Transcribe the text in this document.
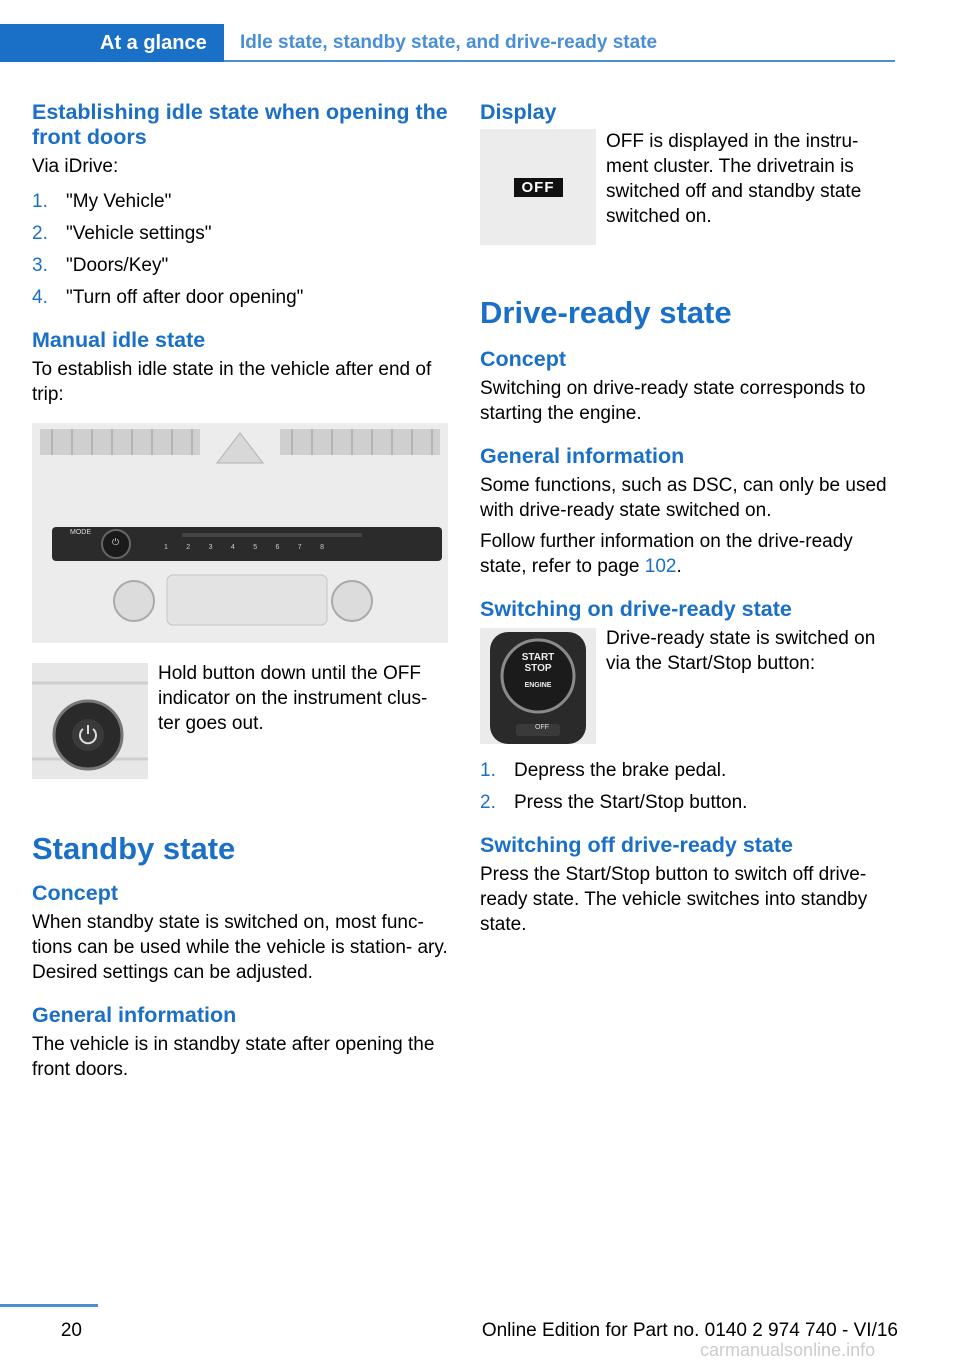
At a glance	Idle state, standby state, and drive-ready state
Establishing idle state when opening the front doors

Via iDrive:

1. "My Vehicle"
2. "Vehicle settings"
3. "Doors/Key"
4. "Turn off after door opening"
Manual idle state

To establish idle state in the vehicle after end of trip:

MODE
⏻
1	2	3	4	5	6	7	8

Hold button down until the OFF indicator on the instrument clus- ter goes out.

Standby state
Concept

When standby state is switched on, most func- tions can be used while the vehicle is station- ary. Desired settings can be adjusted.

General information

The vehicle is in standby state after opening the front doors.

Display
OFF

OFF is displayed in the instru- ment cluster. The drivetrain is switched off and standby state switched on.

Drive-ready state
Concept

Switching on drive-ready state corresponds to starting the engine.

General information

Some functions, such as DSC, can only be used with drive-ready state switched on.

Follow further information on the drive-ready state, refer to page 102.

Switching on drive-ready state
START
STOP
ENGINE
OFF

Drive-ready state is switched on via the Start/Stop button:

1. Depress the brake pedal.
2. Press the Start/Stop button.
Switching off drive-ready state

Press the Start/Stop button to switch off drive- ready state. The vehicle switches into standby state.

20	Online Edition for Part no. 0140 2 974 740 - VI/16
carmanualsonline.info
